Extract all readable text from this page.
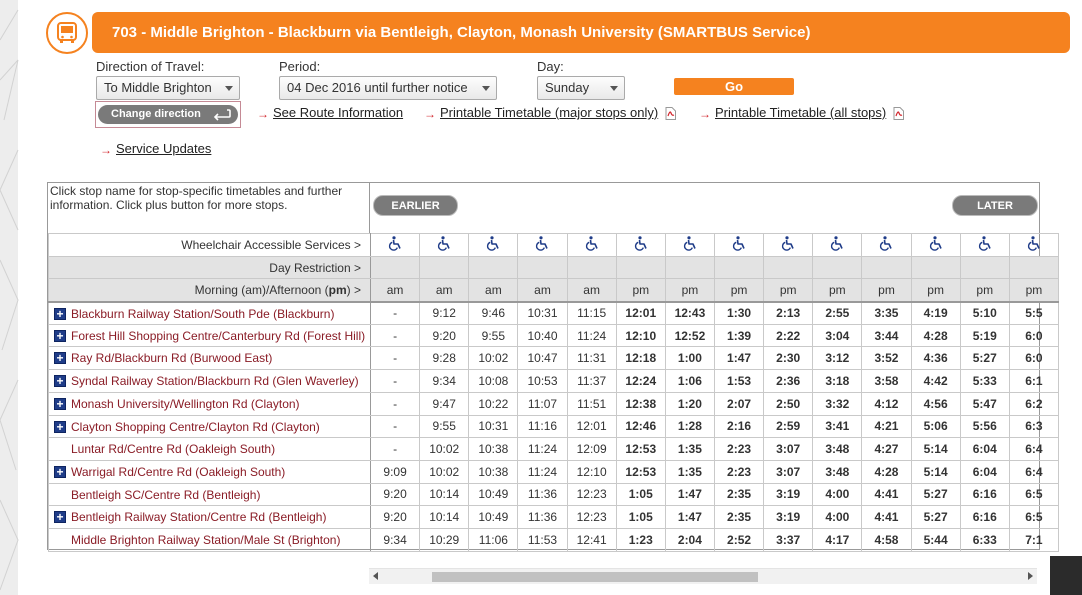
703 - Middle Brighton - Blackburn via Bentleigh, Clayton, Monash University (SMARTBUS Service)
Direction of Travel:
To Middle Brighton
Period:
04 Dec 2016 until further notice
Day:
Sunday	Go
Change direction	→ See Route Information → Printable Timetable (major stops only)	→ Printable Timetable (all stops)
→ Service Updates
Click stop name for stop-specific timetables and further information. Click plus button for more stops.	EARLIER	LATER
Wheelchair Accessible Services >														
Day Restriction >														
Morning (am)/Afternoon (pm) >	am	am	am	am	am	pm	pm	pm	pm	pm	pm	pm	pm	pm

+ Blackburn Railway Station/South Pde (Blackburn)	-	9:12	9:46	10:31	11:15	12:01	12:43	1:30	2:13	2:55	3:35	4:19	5:10	5:5

+ Forest Hill Shopping Centre/Canterbury Rd (Forest Hill)	-	9:20	9:55	10:40	11:24	12:10	12:52	1:39	2:22	3:04	3:44	4:28	5:19	6:0

+ Ray Rd/Blackburn Rd (Burwood East)	-	9:28	10:02	10:47	11:31	12:18	1:00	1:47	2:30	3:12	3:52	4:36	5:27	6:0

+ Syndal Railway Station/Blackburn Rd (Glen Waverley)	-	9:34	10:08	10:53	11:37	12:24	1:06	1:53	2:36	3:18	3:58	4:42	5:33	6:1

+ Monash University/Wellington Rd (Clayton)	-	9:47	10:22	11:07	11:51	12:38	1:20	2:07	2:50	3:32	4:12	4:56	5:47	6:2

+ Clayton Shopping Centre/Clayton Rd (Clayton)	-	9:55	10:31	11:16	12:01	12:46	1:28	2:16	2:59	3:41	4:21	5:06	5:56	6:3

Luntar Rd/Centre Rd (Oakleigh South)	-	10:02	10:38	11:24	12:09	12:53	1:35	2:23	3:07	3:48	4:27	5:14	6:04	6:4

+ Warrigal Rd/Centre Rd (Oakleigh South)	9:09	10:02	10:38	11:24	12:10	12:53	1:35	2:23	3:07	3:48	4:28	5:14	6:04	6:4

Bentleigh SC/Centre Rd (Bentleigh)	9:20	10:14	10:49	11:36	12:23	1:05	1:47	2:35	3:19	4:00	4:41	5:27	6:16	6:5

+ Bentleigh Railway Station/Centre Rd (Bentleigh)	9:20	10:14	10:49	11:36	12:23	1:05	1:47	2:35	3:19	4:00	4:41	5:27	6:16	6:5

Middle Brighton Railway Station/Male St (Brighton)	9:34	10:29	11:06	11:53	12:41	1:23	2:04	2:52	3:37	4:17	4:58	5:44	6:33	7:1
